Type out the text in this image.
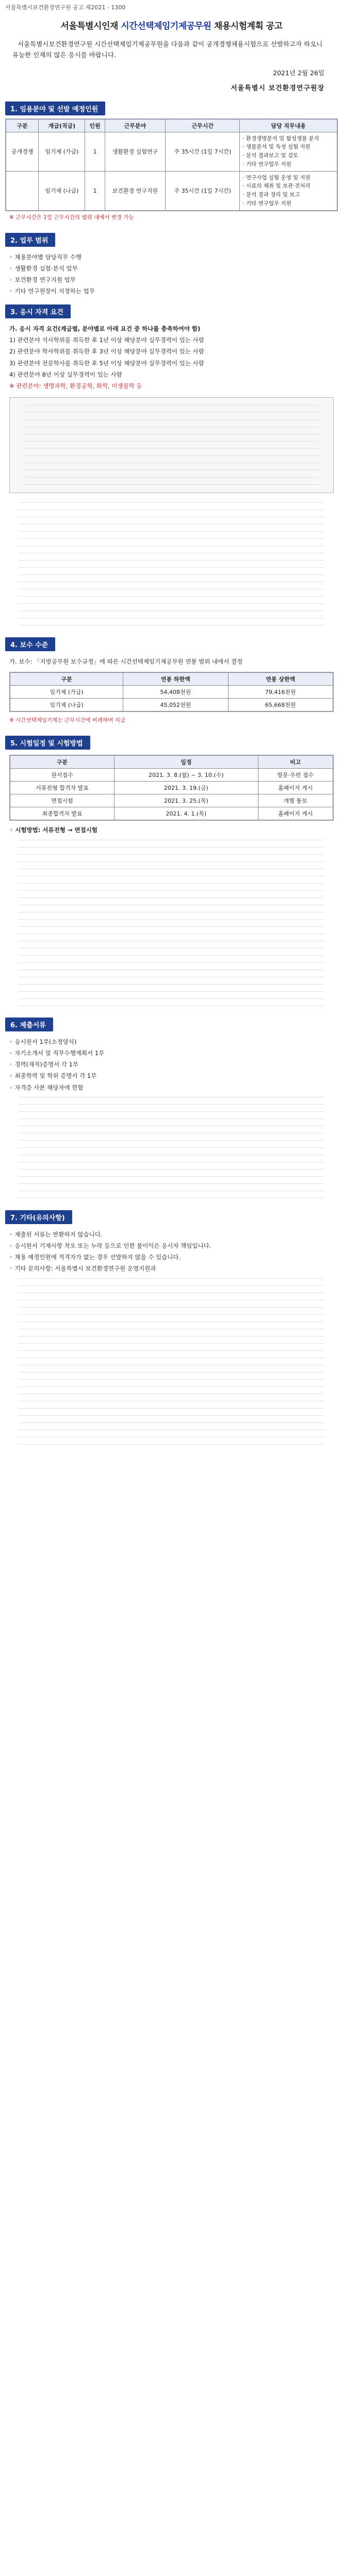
서울특별시보건환경연구원 공고 제2021 - 1300
서울특별시인재 시간선택제임기제공무원 채용시험계획 공고
서울특별시보건환경연구원 시간선택제임기제공무원을 다음과 같이 공개경쟁채용시험으로 선발하고자 하오니 유능한 인재의 많은 응시를 바랍니다.
2021년 2월 26일
서울특별시 보건환경연구원장
1. 임용분야 및 선발 예정인원
구분	계급(직급)	인원	근무분야	근무시간	담당 직무내용
공개경쟁	임기제 (가급)	1	생활환경 실험연구	주 35시간 (1일 7시간)	· 환경생명분석 및 합성생물 분석
· 생물분석 및 독성 실험 지원
· 분석 결과보고 및 검토
· 기타 연구업무 지원
	임기제 (나급)	1	보건환경 연구지원	주 35시간 (1일 7시간)	· 연구사업 실험 운영 및 지원
· 시료의 채취 및 보관·전처리
· 분석 결과 정리 및 보고
· 기타 연구업무 지원
※ 근무시간은 1일 근무시간의 범위 내에서 변경 가능
2. 업무 범위

◦ 채용분야별 담당직무 수행

◦ 생활환경 실험·분석 업무

◦ 보건환경 연구지원 업무

◦ 기타 연구원장이 지정하는 업무

3. 응시 자격 요건

가. 응시 자격 요건(계급별, 분야별로 아래 요건 중 하나를 충족하여야 함)

1) 관련분야 석사학위를 취득한 후 1년 이상 해당분야 실무경력이 있는 사람

2) 관련분야 학사학위를 취득한 후 3년 이상 해당분야 실무경력이 있는 사람

3) 관련분야 전문학사를 취득한 후 5년 이상 해당분야 실무경력이 있는 사람

4) 관련분야 8년 이상 실무경력이 있는 사람

※ 관련분야: 생명과학, 환경공학, 화학, 미생물학 등

4. 보수 수준

가. 보수: 「지방공무원 보수규정」에 따른 시간선택제임기제공무원 연봉 범위 내에서 결정

구분	연봉 하한액	연봉 상한액
임기제 (가급)	54,408천원	79,416천원
임기제 (나급)	45,052천원	65,668천원
※ 시간선택제임기제는 근무시간에 비례하여 지급
5. 시험일정 및 시험방법
구분	일정	비고
원서접수	2021. 3. 8.(월) ~ 3. 10.(수)	방문·우편 접수
서류전형 합격자 발표	2021. 3. 19.(금)	홈페이지 게시
면접시험	2021. 3. 25.(목)	개별 통보
최종합격자 발표	2021. 4. 1.(목)	홈페이지 게시

◦ 시험방법: 서류전형 → 면접시험

6. 제출서류

◦ 응시원서 1부(소정양식)

◦ 자기소개서 및 직무수행계획서 1부

◦ 경력(재직)증명서 각 1부

◦ 최종학력 및 학위 증명서 각 1부

◦ 자격증 사본 해당자에 한함

7. 기타(유의사항)

◦ 제출된 서류는 반환하지 않습니다.

◦ 응시원서 기재사항 착오 또는 누락 등으로 인한 불이익은 응시자 책임입니다.

◦ 채용 예정인원에 적격자가 없는 경우 선발하지 않을 수 있습니다.

◦ 기타 문의사항: 서울특별시 보건환경연구원 운영지원과
